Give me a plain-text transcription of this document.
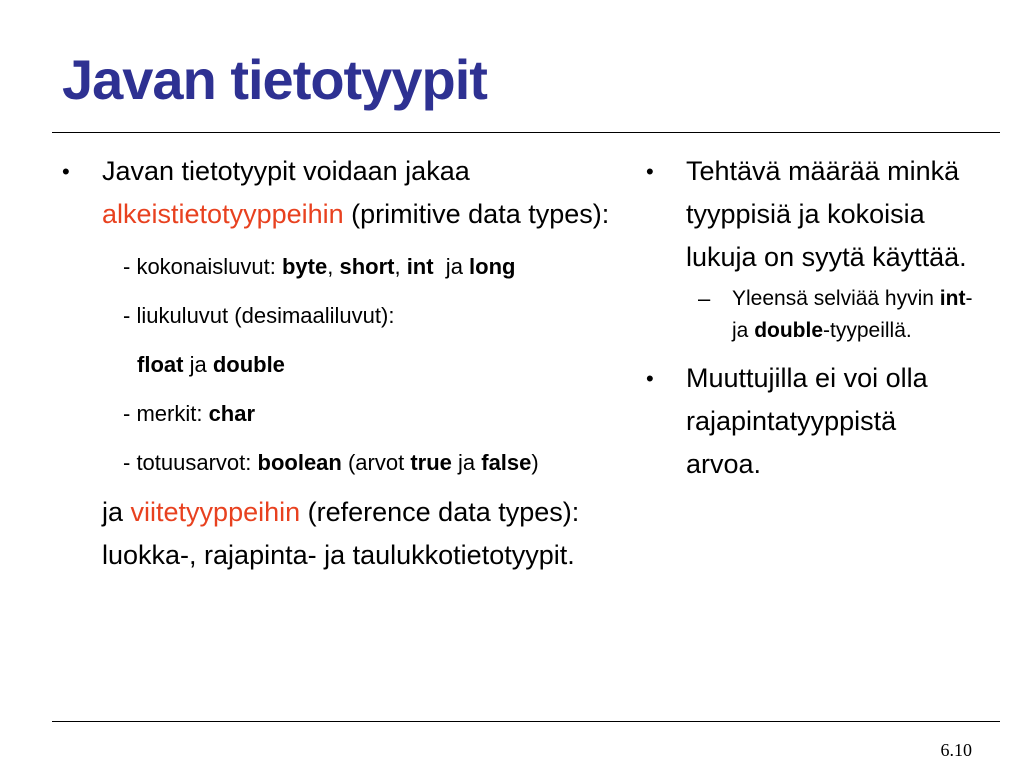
Javan tietotyypit
• Javan tietotyypit voidaan jakaa alkeistietotyyppeihin (primitive data types):
- kokonaisluvut: byte, short, int  ja long
- liukuluvut (desimaaliluvut):
float ja double
- merkit: char
- totuusarvot: boolean (arvot true ja false)
ja viitetyyppeihin (reference data types): luokka-, rajapinta- ja taulukkotietotyypit.
• Tehtävä määrää minkä tyyppisiä ja kokoisia lukuja on syytä käyttää.
– Yleensä selviää hyvin int- ja double-tyypeillä.
• Muuttujilla ei voi olla rajapintatyyppistä arvoa.
6.10
